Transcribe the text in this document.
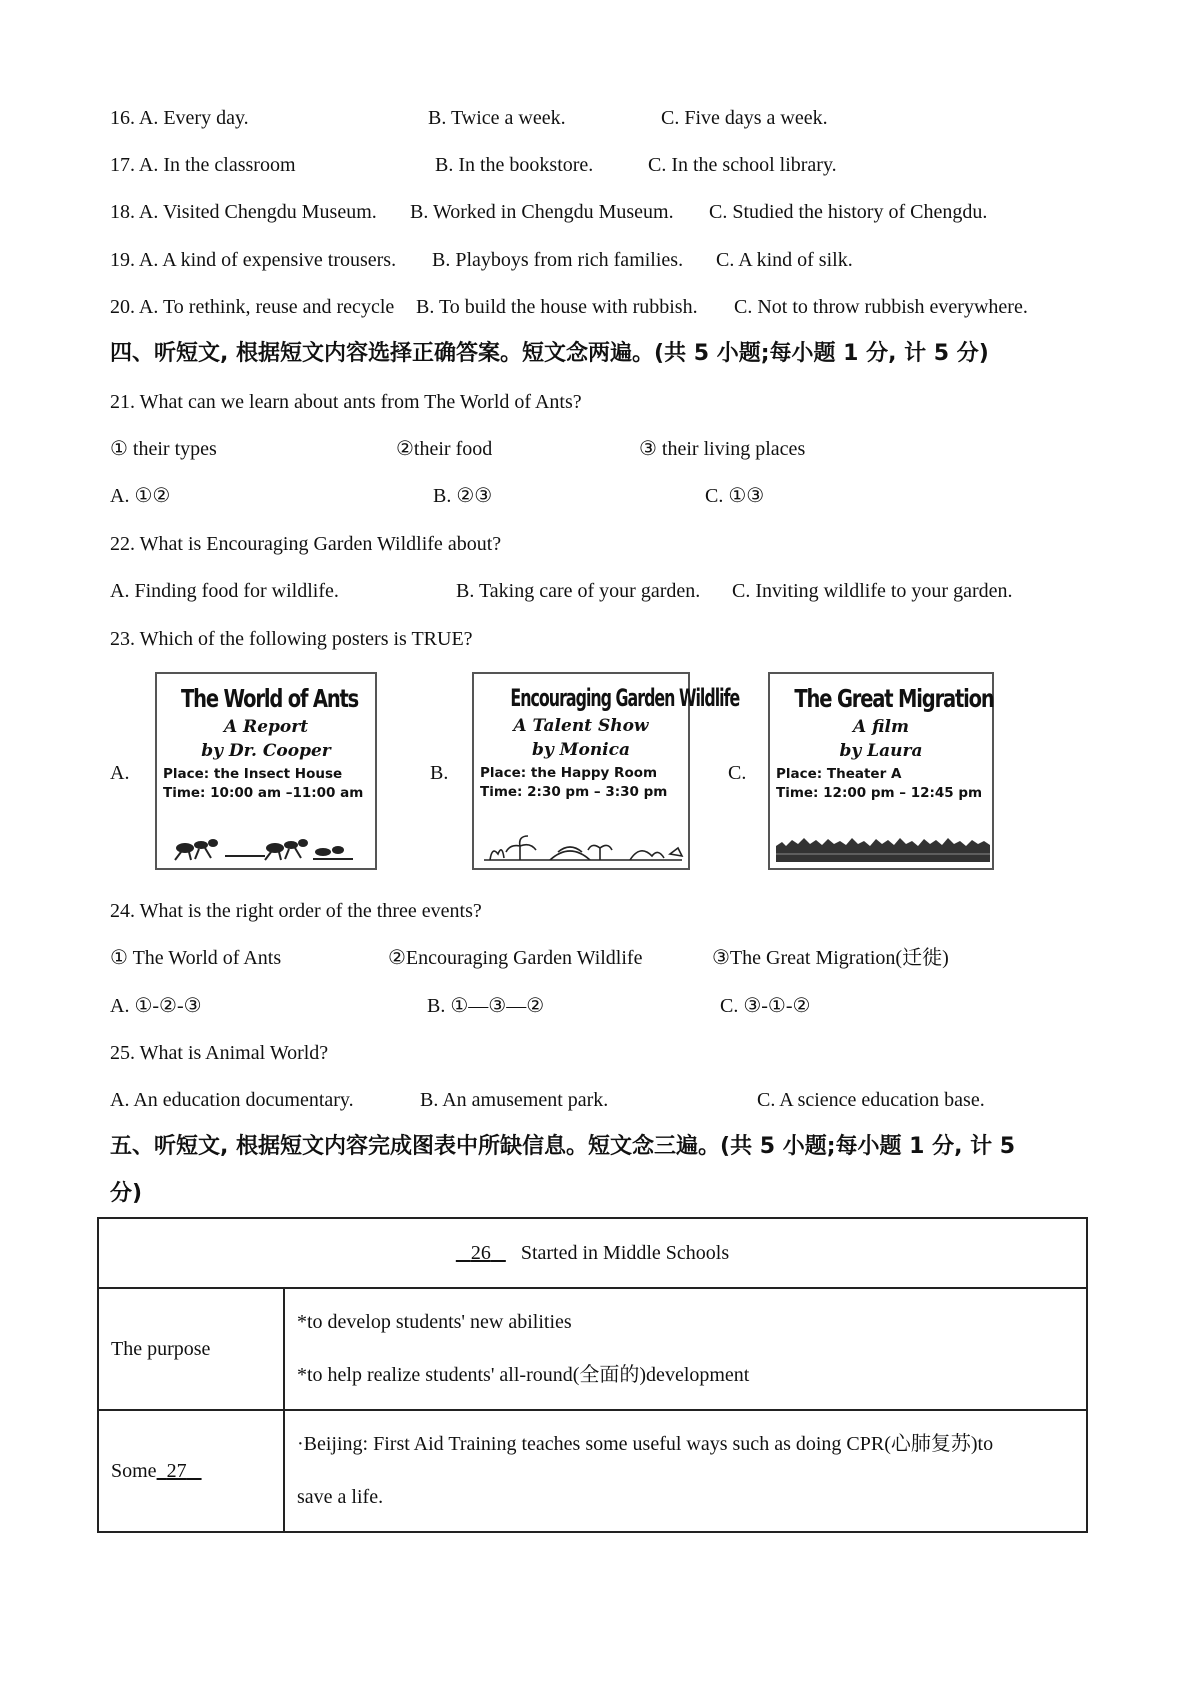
16. A. Every day.	B. Twice a week.	C. Five days a week.
17. A. In the classroom	B. In the bookstore.	C. In the school library.
18. A. Visited Chengdu Museum. B. Worked in Chengdu Museum. C. Studied the history of Chengdu.
19. A. A kind of expensive trousers. B. Playboys from rich families. C. A kind of silk.
20. A. To rethink, reuse and recycle B. To build the house with rubbish. C. Not to throw rubbish everywhere.
四、听短文, 根据短文内容选择正确答案。短文念两遍。(共 5 小题;每小题 1 分, 计 5 分)
21. What can we learn about ants from The World of Ants?
① their types	②their food	③ their living places
A. ①②	B. ②③	C. ①③
22. What is Encouraging Garden Wildlife about?
A. Finding food for wildlife.	B. Taking care of your garden. C. Inviting wildlife to your garden.
23. Which of the following posters is TRUE?
A.
The World of Ants
A Report
by Dr. Cooper
Place: the Insect House
Time: 10:00 am –11:00 am
B.
Encouraging Garden Wildlife
A Talent Show
by Monica
Place: the Happy Room
Time: 2:30 pm – 3:30 pm
C.
The Great Migration
A film
by Laura
Place: Theater A
Time: 12:00 pm – 12:45 pm
24. What is the right order of the three events?
① The World of Ants	②Encouraging Garden Wildlife	③The Great Migration(迁徙)
A. ①-②-③	B. ①—③—②	C. ③-①-②
25. What is Animal World?
A. An education documentary.	B. An amusement park.	C. A science education base.
五、听短文, 根据短文内容完成图表中所缺信息。短文念三遍。(共 5 小题;每小题 1 分, 计 5
分)
26 Started in Middle Schools	
The purpose	*to develop students' new abilities
*to help realize students' all-round(全面的)development

Some 27	·Beijing: First Aid Training teaches some useful ways such as doing CPR(心肺复苏)to
save a life.
